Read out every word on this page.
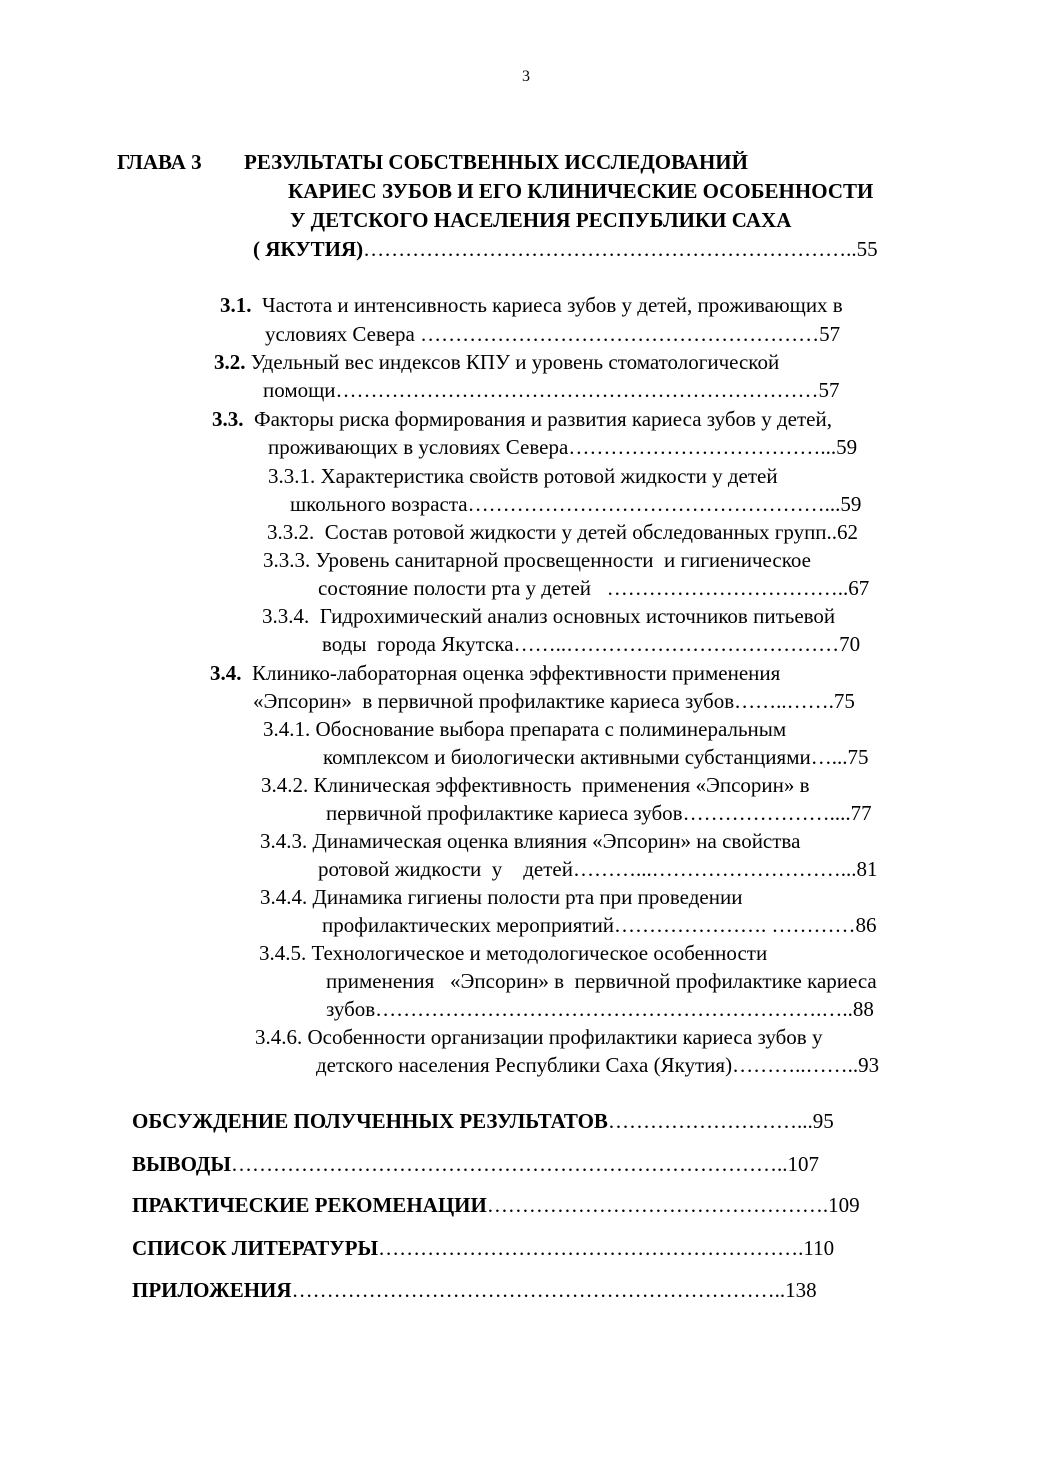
3
ГЛАВА 3 РЕЗУЛЬТАТЫ СОБСТВЕННЫХ ИССЛЕДОВАНИЙ
КАРИЕС ЗУБОВ И ЕГО КЛИНИЧЕСКИЕ ОСОБЕННОСТИ
У ДЕТСКОГО НАСЕЛЕНИЯ РЕСПУБЛИКИ САХА
( ЯКУТИЯ)……………………………………………………………..55
3.1. Частота и интенсивность кариеса зубов у детей, проживающих в
условиях Севера …………………………………………………57
3.2. Удельный вес индексов КПУ и уровень стоматологической
помощи……………………………………………………………57
3.3. Факторы риска формирования и развития кариеса зубов у детей,
проживающих в условиях Севера………………………………...59
3.3.1. Характеристика свойств ротовой жидкости у детей
школьного возраста……………………………………………...59
3.3.2.  Состав ротовой жидкости у детей обследованных групп..62
3.3.3. Уровень санитарной просвещенности  и гигиеническое
состояние полости рта у детей   ……………………………..67
3.3.4.  Гидрохимический анализ основных источников питьевой
воды  города Якутска……..…………………………………70
3.4. Клинико-лабораторная оценка эффективности применения
«Эпсорин»  в первичной профилактике кариеса зубов……..…….75
3.4.1. Обоснование выбора препарата с полиминеральным
комплексом и биологически активными субстанциями…...75
3.4.2. Клиническая эффективность  применения «Эпсорин» в
первичной профилактике кариеса зубов…………………....77
3.4.3. Динамическая оценка влияния «Эпсорин» на свойства
ротовой жидкости  у    детей………...………………………...81
3.4.4. Динамика гигиены полости рта при проведении
профилактических мероприятий…………………. …………86
3.4.5. Технологическое и методологическое особенности
применения   «Эпсорин» в  первичной профилактике кариеса
зубов……………………………………………………….…..88
3.4.6. Особенности организации профилактики кариеса зубов у
детского населения Республики Саха (Якутия)………..……..93
ОБСУЖДЕНИЕ ПОЛУЧЕННЫХ РЕЗУЛЬТАТОВ………………………...95
ВЫВОДЫ……………………………………………………………………..107
ПРАКТИЧЕСКИЕ РЕКОМЕНАЦИИ………………………………………….109
СПИСОК ЛИТЕРАТУРЫ…………………………………………………….110
ПРИЛОЖЕНИЯ……………………………………………………………..138
